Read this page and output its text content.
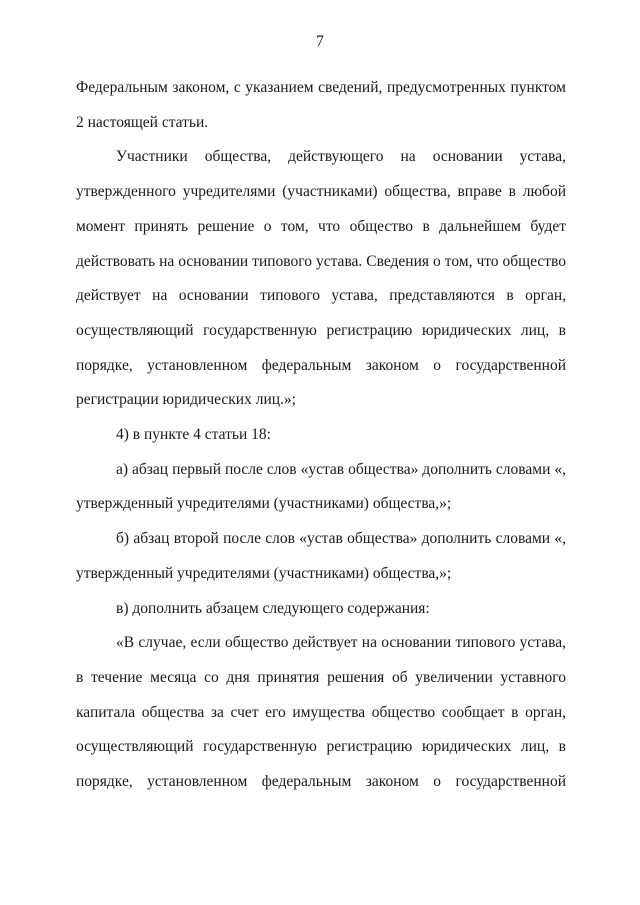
7

Федеральным законом, с указанием сведений, предусмотренных пунктом 2 настоящей статьи.

Участники общества, действующего на основании устава, утвержденного учредителями (участниками) общества, вправе в любой момент принять решение о том, что общество в дальнейшем будет действовать на основании типового устава. Сведения о том, что общество действует на основании типового устава, представляются в орган, осуществляющий государственную регистрацию юридических лиц, в порядке, установленном федеральным законом о государственной регистрации юридических лиц.»;

4) в пункте 4 статьи 18:

а) абзац первый после слов «устав общества» дополнить словами «, утвержденный учредителями (участниками) общества,»;

б) абзац второй после слов «устав общества» дополнить словами «, утвержденный учредителями (участниками) общества,»;

в) дополнить абзацем следующего содержания:

«В случае, если общество действует на основании типового устава, в течение месяца со дня принятия решения об увеличении уставного капитала общества за счет его имущества общество сообщает в орган, осуществляющий государственную регистрацию юридических лиц, в порядке, установленном федеральным законом о государственной
